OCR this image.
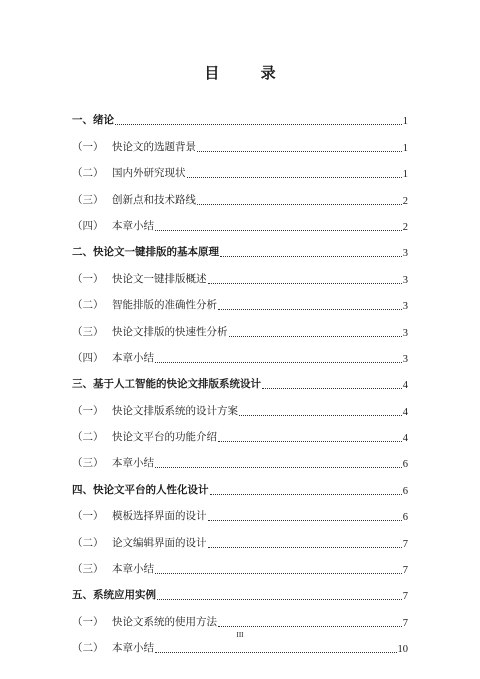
目 录
一、绪论	1
（一） 快论文的选题背景	1
（二） 国内外研究现状	1
（三） 创新点和技术路线	2
（四） 本章小结	2
二、快论文一键排版的基本原理	3
（一） 快论文一键排版概述	3
（二） 智能排版的准确性分析	3
（三） 快论文排版的快速性分析	3
（四） 本章小结	3
三、基于人工智能的快论文排版系统设计	4
（一） 快论文排版系统的设计方案	4
（二） 快论文平台的功能介绍	4
（三） 本章小结	6
四、快论文平台的人性化设计	6
（一） 模板选择界面的设计	6
（二） 论文编辑界面的设计	7
（三） 本章小结	7
五、系统应用实例	7
（一） 快论文系统的使用方法	7
（二） 本章小结	10
III
